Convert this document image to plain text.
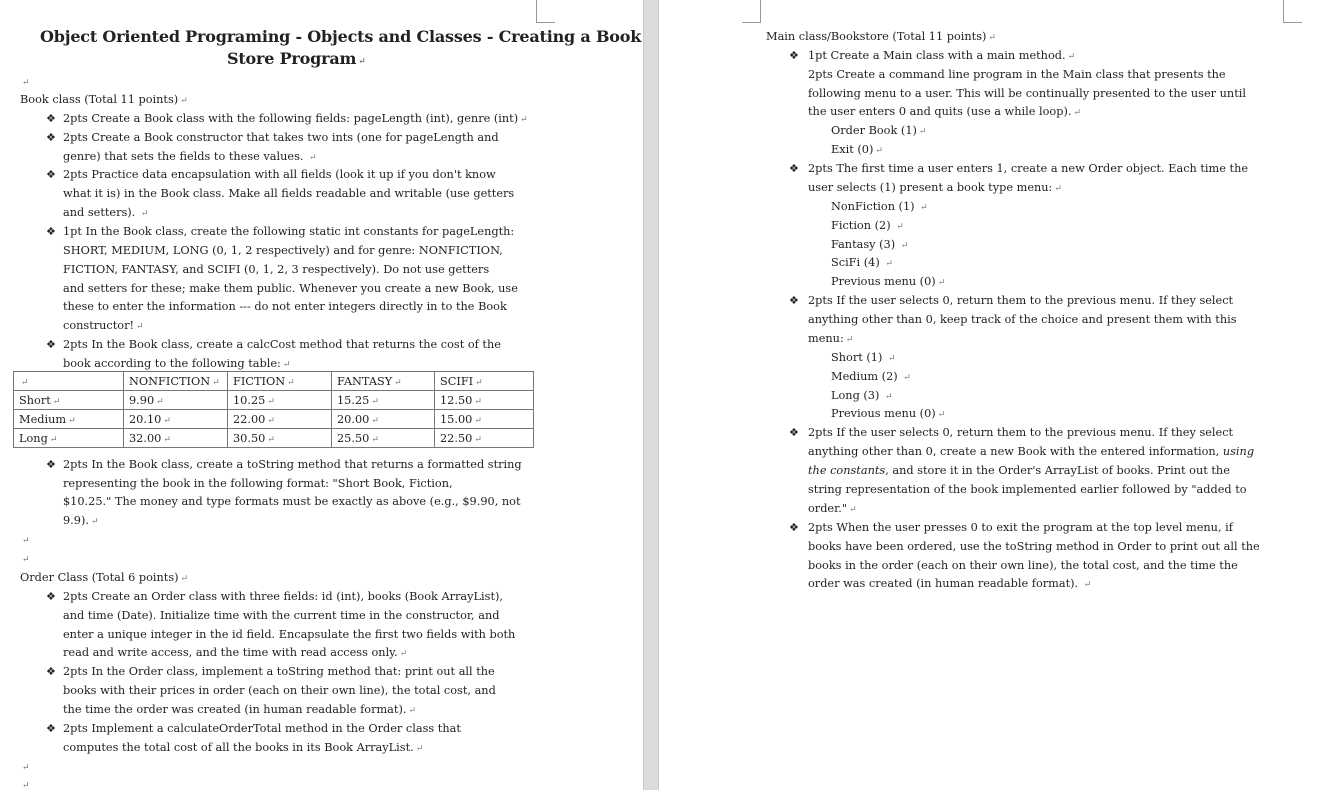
Object Oriented Programing - Objects and Classes - Creating a Book
Store Program ↵
↵
Book class (Total 11 points) ↵
❖ 2pts Create a Book class with the following fields: pageLength (int), genre (int) ↵
❖ 2pts Create a Book constructor that takes two ints (one for pageLength and
genre) that sets the fields to these values. ↵
❖ 2pts Practice data encapsulation with all fields (look it up if you don't know
what it is) in the Book class. Make all fields readable and writable (use getters
and setters). ↵
❖ 1pt In the Book class, create the following static int constants for pageLength:
SHORT, MEDIUM, LONG (0, 1, 2 respectively) and for genre: NONFICTION,
FICTION, FANTASY, and SCIFI (0, 1, 2, 3 respectively). Do not use getters
and setters for these; make them public. Whenever you create a new Book, use
these to enter the information --- do not enter integers directly in to the Book
constructor! ↵
❖ 2pts In the Book class, create a calcCost method that returns the cost of the
book according to the following table: ↵
↵	NONFICTION ↵	FICTION ↵	FANTASY ↵	SCIFI ↵
Short ↵	9.90 ↵	10.25 ↵	15.25 ↵	12.50 ↵
Medium ↵	20.10 ↵	22.00 ↵	20.00 ↵	15.00 ↵
Long ↵	32.00 ↵	30.50 ↵	25.50 ↵	22.50 ↵
❖ 2pts In the Book class, create a toString method that returns a formatted string
representing the book in the following format: "Short Book, Fiction,
$10.25." The money and type formats must be exactly as above (e.g., $9.90, not
9.9). ↵
↵
↵
Order Class (Total 6 points) ↵
❖ 2pts Create an Order class with three fields: id (int), books (Book ArrayList),
and time (Date). Initialize time with the current time in the constructor, and
enter a unique integer in the id field. Encapsulate the first two fields with both
read and write access, and the time with read access only. ↵
❖ 2pts In the Order class, implement a toString method that: print out all the
books with their prices in order (each on their own line), the total cost, and
the time the order was created (in human readable format). ↵
❖ 2pts Implement a calculateOrderTotal method in the Order class that
computes the total cost of all the books in its Book ArrayList. ↵
↵
↵
Main class/Bookstore (Total 11 points) ↵
❖ 1pt Create a Main class with a main method. ↵
2pts Create a command line program in the Main class that presents the
following menu to a user. This will be continually presented to the user until
the user enters 0 and quits (use a while loop). ↵
Order Book (1) ↵
Exit (0) ↵
❖ 2pts The first time a user enters 1, create a new Order object. Each time the
user selects (1) present a book type menu: ↵
NonFiction (1) ↵
Fiction (2) ↵
Fantasy (3) ↵
SciFi (4) ↵
Previous menu (0) ↵
❖ 2pts If the user selects 0, return them to the previous menu. If they select
anything other than 0, keep track of the choice and present them with this
menu: ↵
Short (1) ↵
Medium (2) ↵
Long (3) ↵
Previous menu (0) ↵
❖ 2pts If the user selects 0, return them to the previous menu. If they select
anything other than 0, create a new Book with the entered information, using
the constants, and store it in the Order's ArrayList of books. Print out the
string representation of the book implemented earlier followed by "added to
order." ↵
❖ 2pts When the user presses 0 to exit the program at the top level menu, if
books have been ordered, use the toString method in Order to print out all the
books in the order (each on their own line), the total cost, and the time the
order was created (in human readable format). ↵
